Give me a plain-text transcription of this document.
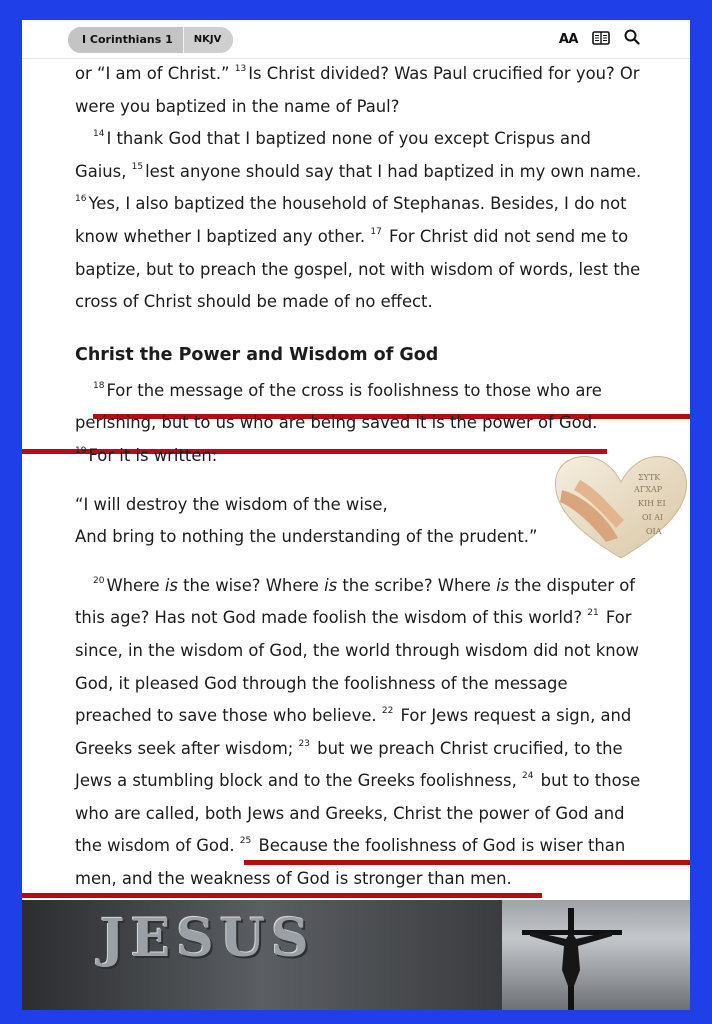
I Corinthians 1	NKJV	AA

or “I am of Christ.” $^{13}$ Is Christ divided? Was Paul crucified for you? Or were you baptized in the name of Paul?

$^{14}$ I thank God that I baptized none of you except Crispus and Gaius, $^{15}$ lest anyone should say that I had baptized in my own name. $^{16}$ Yes, I also baptized the household of Stephanas. Besides, I do not know whether I baptized any other. $^{17}$ For Christ did not send me to baptize, but to preach the gospel, not with wisdom of words, lest the cross of Christ should be made of no effect.

Christ the Power and Wisdom of God

$^{18}$ For the message of the cross is foolishness to those who are perishing, but to us who are being saved it is the power of God.

$^{19}$ For it is written:

“I will destroy the wisdom of the wise,

And bring to nothing the understanding of the prudent.”

$^{20}$ Where is the wise? Where is the scribe? Where is the disputer of this age? Has not God made foolish the wisdom of this world? $^{21}$ For since, in the wisdom of God, the world through wisdom did not know God, it pleased God through the foolishness of the message preached to save those who believe. $^{22}$ For Jews request a sign, and Greeks seek after wisdom; $^{23}$ but we preach Christ crucified, to the Jews a stumbling block and to the Greeks foolishness, $^{24}$ but to those who are called, both Jews and Greeks, Christ the power of God and the wisdom of God. $^{25}$ Because the foolishness of God is wiser than men, and the weakness of God is stronger than men.

ΣΥΤΚ
ΑΓΧΑΡ
ΚΙΗ ΕΙ
ΟΙ ΑΙ
ΟΙΑ
JESUS
